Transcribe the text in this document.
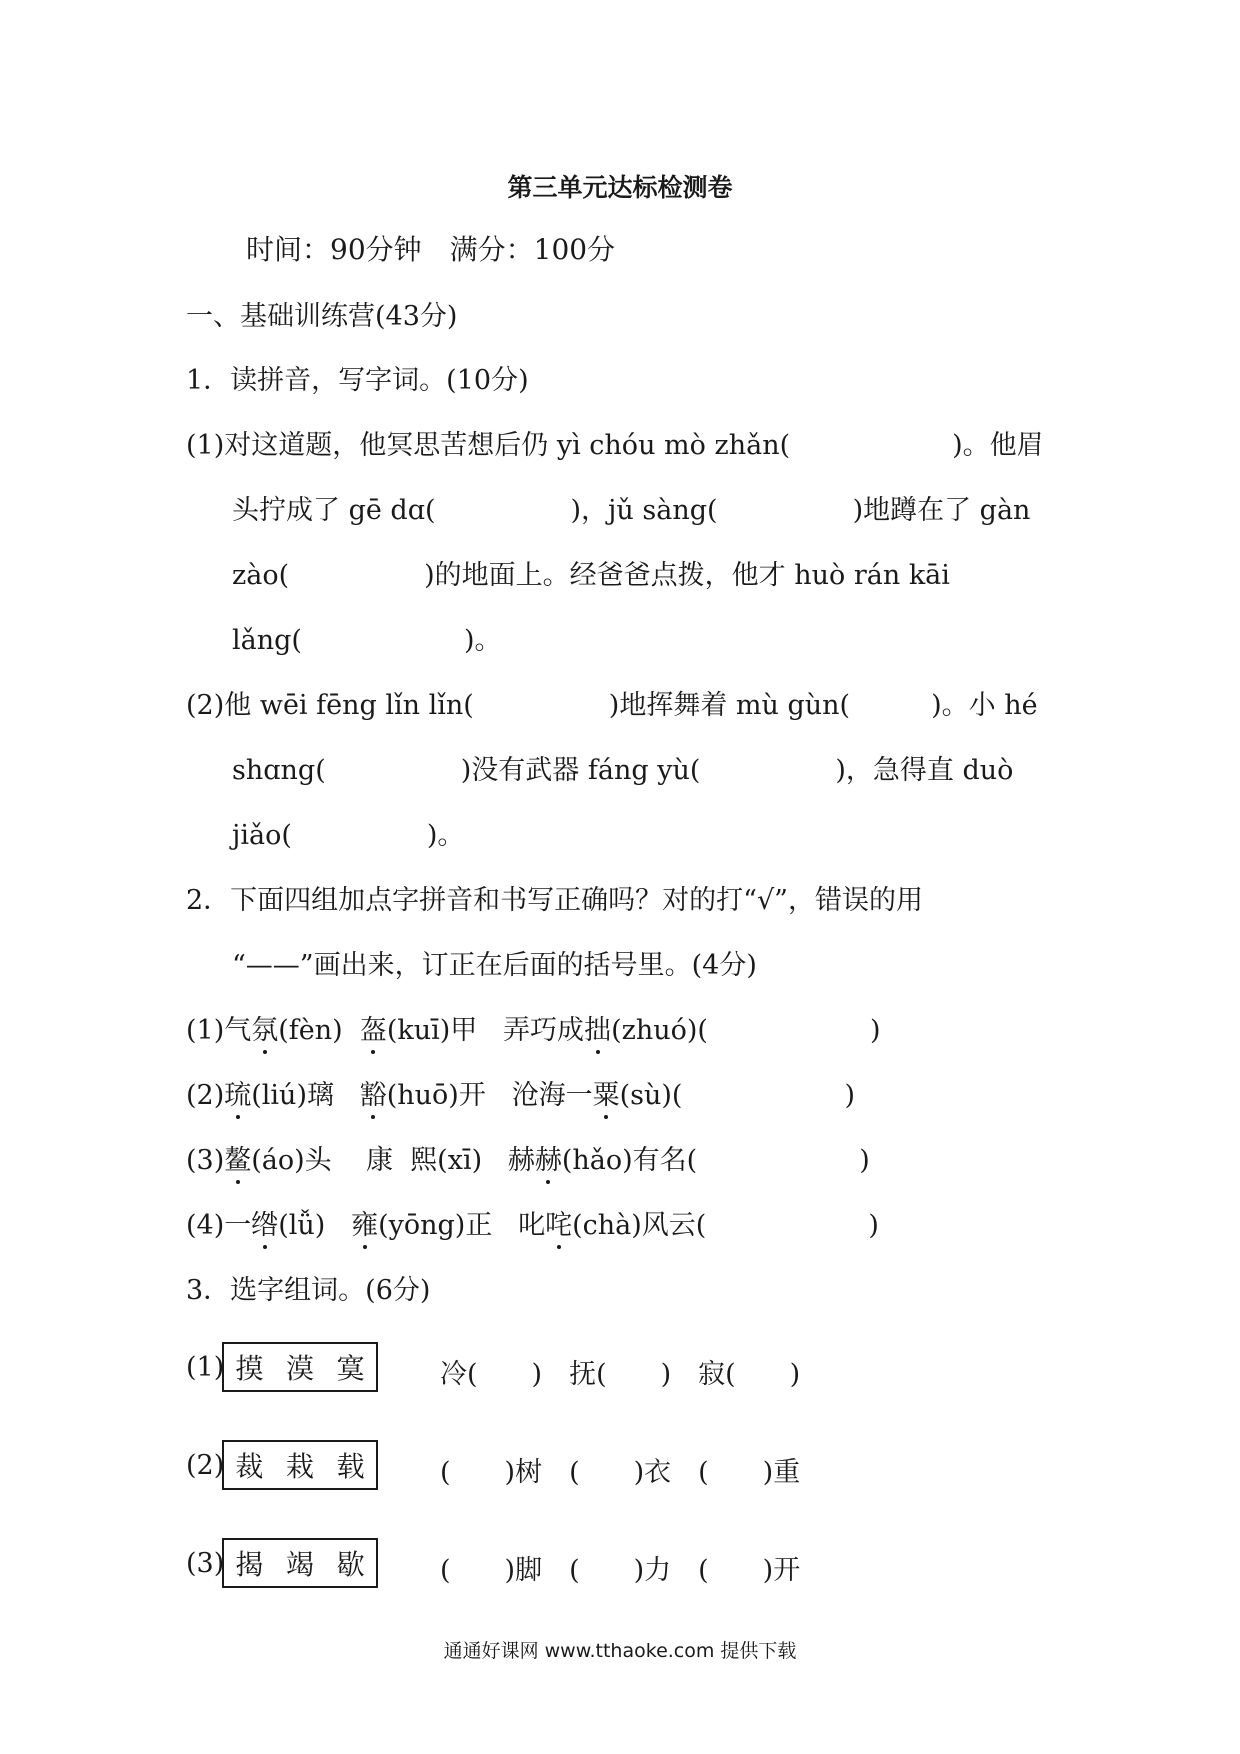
第三单元达标检测卷
时间：90分钟　满分：100分
一、基础训练营(43分)
1．读拼音，写字词。(10分)
(1)对这道题，他冥思苦想后仍 yì chóu mò zhǎn(　　　　　　)。他眉
头拧成了 gē dɑ(　　　　　)，jǔ sàng(　　　　　)地蹲在了 gàn
zào(　　　　　)的地面上。经爸爸点拨，他才 huò rán kāi
lǎng(　　　　　　)。
(2)他 wēi fēng lǐn lǐn(　　　　　)地挥舞着 mù gùn(　　　)。小 hé
shɑng(　　　　　)没有武器 fáng yù(　　　　　)，急得直 duò
jiǎo(　　　　　)。
2．下面四组加点字拼音和书写正确吗？对的打“√”，错误的用
“——”画出来，订正在后面的括号里。(4分)
(1)气氛(fèn) 盔(kuī)甲 弄巧成拙(zhuó)(　　　　　　	)
(2)琉(liú)璃 豁(huō)开 沧海一粟(sù)(　　　　　　	)
(3)鳌(áo)头 康 熙(xī) 赫赫(hǎo)有名(　　　　　　	)
(4)一绺(lǚ) 雍(yōng)正 叱咤(chà)风云(　　　　　　	)
3．选字组词。(6分)
(1) 摸 漠 寞	冷(　　)　抚(　　)　寂(　　)
(2) 裁 栽 载	(　　)树　(　　)衣　(　　)重
(3) 揭 竭 歇	(　　)脚　(　　)力　(　　)开
通通好课网 www.tthaoke.com 提供下载
